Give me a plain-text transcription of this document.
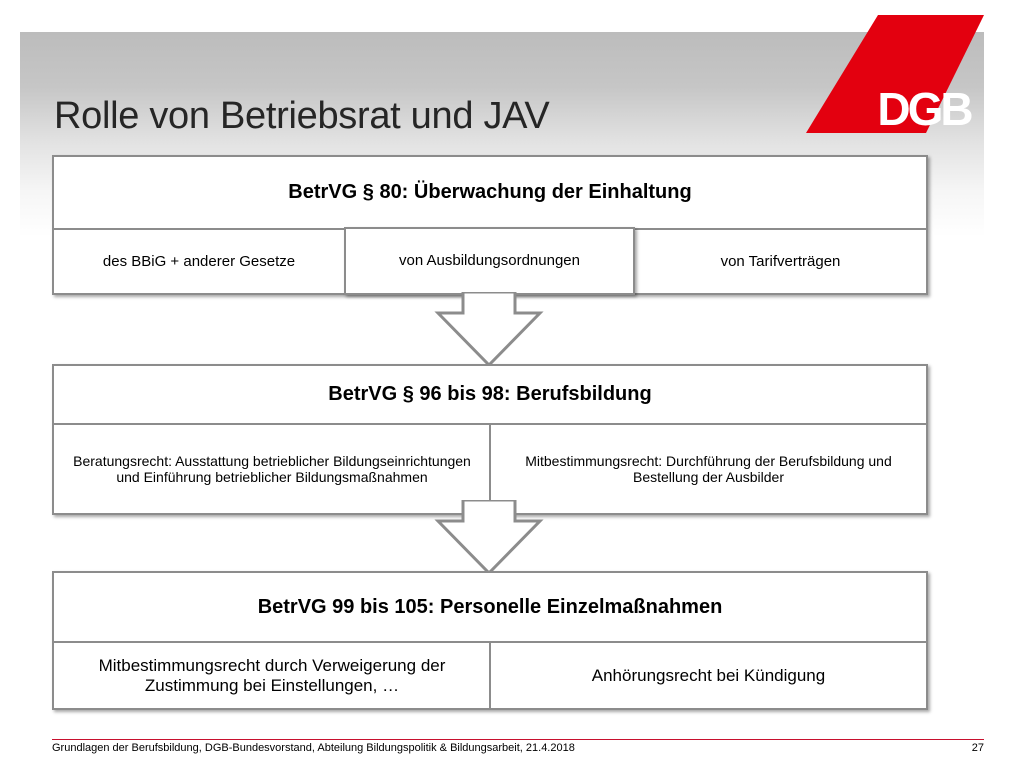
Rolle von Betriebsrat und JAV	DGB
BetrVG § 80: Überwachung der Einhaltung
des BBiG + anderer Gesetze	von Ausbildungsordnungen	von Tarifverträgen
BetrVG § 96 bis 98: Berufsbildung
Beratungsrecht: Ausstattung betrieblicher Bildungseinrichtungen und Einführung betrieblicher Bildungsmaßnahmen
Mitbestimmungsrecht: Durchführung der Berufsbildung und Bestellung der Ausbilder
BetrVG 99 bis 105: Personelle Einzelmaßnahmen
Mitbestimmungsrecht durch Verweigerung der Zustimmung bei Einstellungen, …
Anhörungsrecht bei Kündigung
Grundlagen der Berufsbildung, DGB-Bundesvorstand, Abteilung Bildungspolitik & Bildungsarbeit, 21.4.2018	27
